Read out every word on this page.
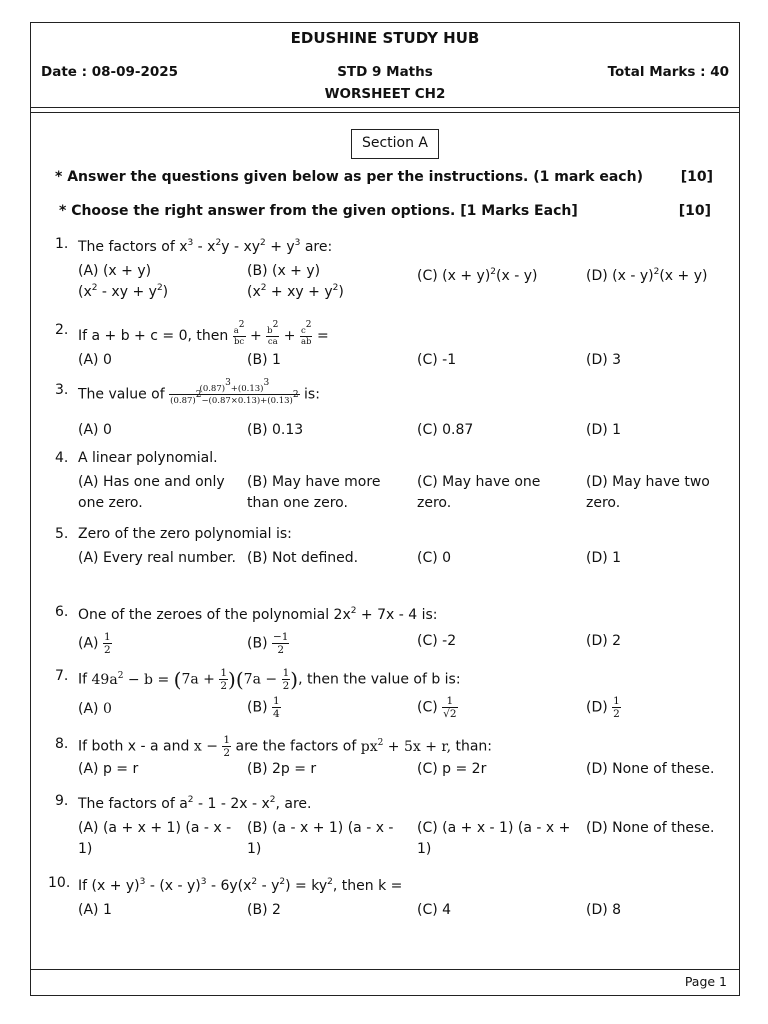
EDUSHINE STUDY HUB
Date : 08-09-2025	STD 9 Maths	Total Marks : 40
WORSHEET CH2
Section A
* Answer the questions given below as per the instructions. (1 mark each)	[10]
* Choose the right answer from the given options. [1 Marks Each]	[10]
1. The factors of $x^3 - x^2y - xy^2 + y^3$ are:
(A) (x + y)
($x^2$ - xy + $y^2$)
(B) (x + y)
($x^2$ + xy + $y^2$)
(C) $(x + y)^2(x - y)$	(D) (x - y)$^2$(x + y)
2. If a + b + c = 0, then $\frac{a^2}{bc} + \frac{b^2}{ca} + \frac{c^2}{ab}$ =
(A) 0	(B) 1	(C) -1	(D) 3
3. The value of $\frac{(0.87)^3+(0.13)^3}{(0.87)^2-(0.87\times 0.13)+(0.13)^2}$ is:
(A) 0	(B) 0.13	(C) 0.87	(D) 1
4. A linear polynomial.
(A) Has one and only one zero.
(B) May have more than one zero.
(C) May have one zero.
(D) May have two zero.
5. Zero of the zero polynomial is:
(A) Every real number. (B) Not defined.	(C) 0	(D) 1
6. One of the zeroes of the polynomial $2x^2 + 7x - 4$ is:
$(A) \frac{1}{2}$	$(B) \frac{-1}{2}$	(C) -2	(D) 2
7. If $49a^2 - b = (7a + \frac{1}{2} )(7a - \frac{1}{2}$ ), then the value of b is:
(A) 0	$(B) \frac{1}{4}$	$(C) \frac{1}{√2}$	$(D) \frac{1}{2}$
8. If both x - a and $x - \frac{1}{2}$ are the factors of $px^2 + 5x + r$, than:
(A) p = r	(B) 2p = r	(C) p = 2r	(D) None of these.
9. The factors of $a^2 - 1 - 2x - x^2$, are.
(A) (a + x + 1) (a - x - 1)
(B) (a - x + 1) (a - x - 1)
(C) (a + x - 1) (a - x + 1)
(D) None of these.
10. If $(x + y)^3 - (x - y)^3 - 6y(x^2 - y^2) = ky^2$, then k =
(A) 1	(B) 2	(C) 4	(D) 8
Page 1
